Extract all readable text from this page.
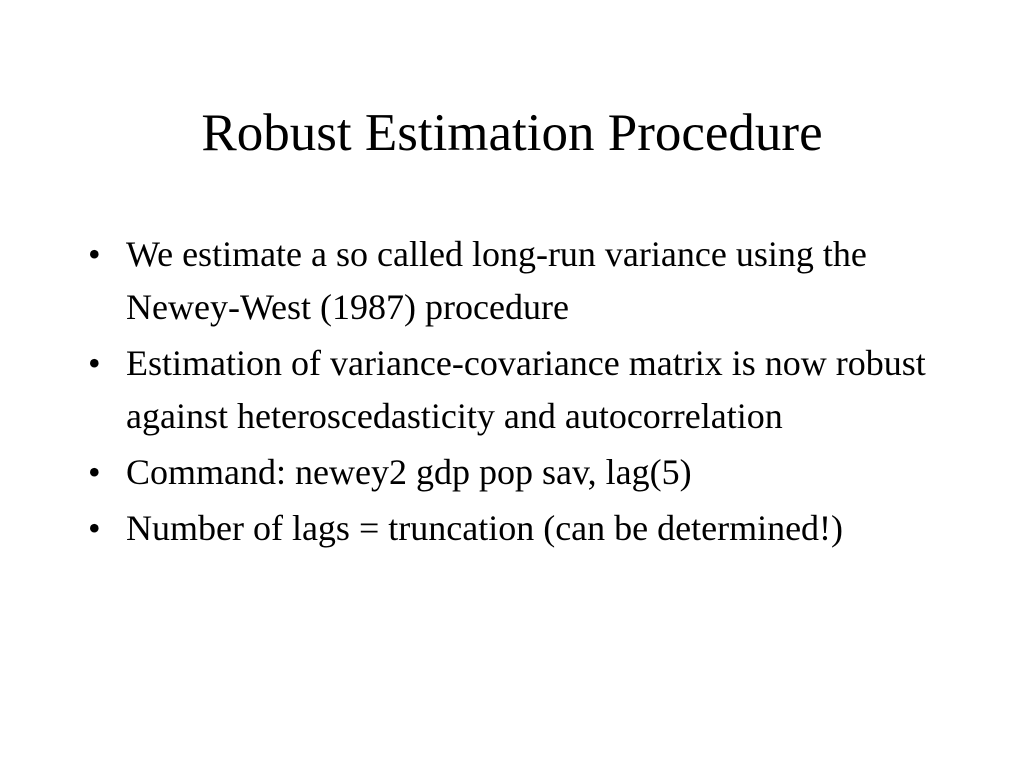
Robust Estimation Procedure
• We estimate a so called long-run variance using the Newey-West (1987) procedure
• Estimation of variance-covariance matrix is now robust against heteroscedasticity and autocorrelation
• Command: newey2 gdp pop sav, lag(5)
• Number of lags = truncation (can be determined!)
